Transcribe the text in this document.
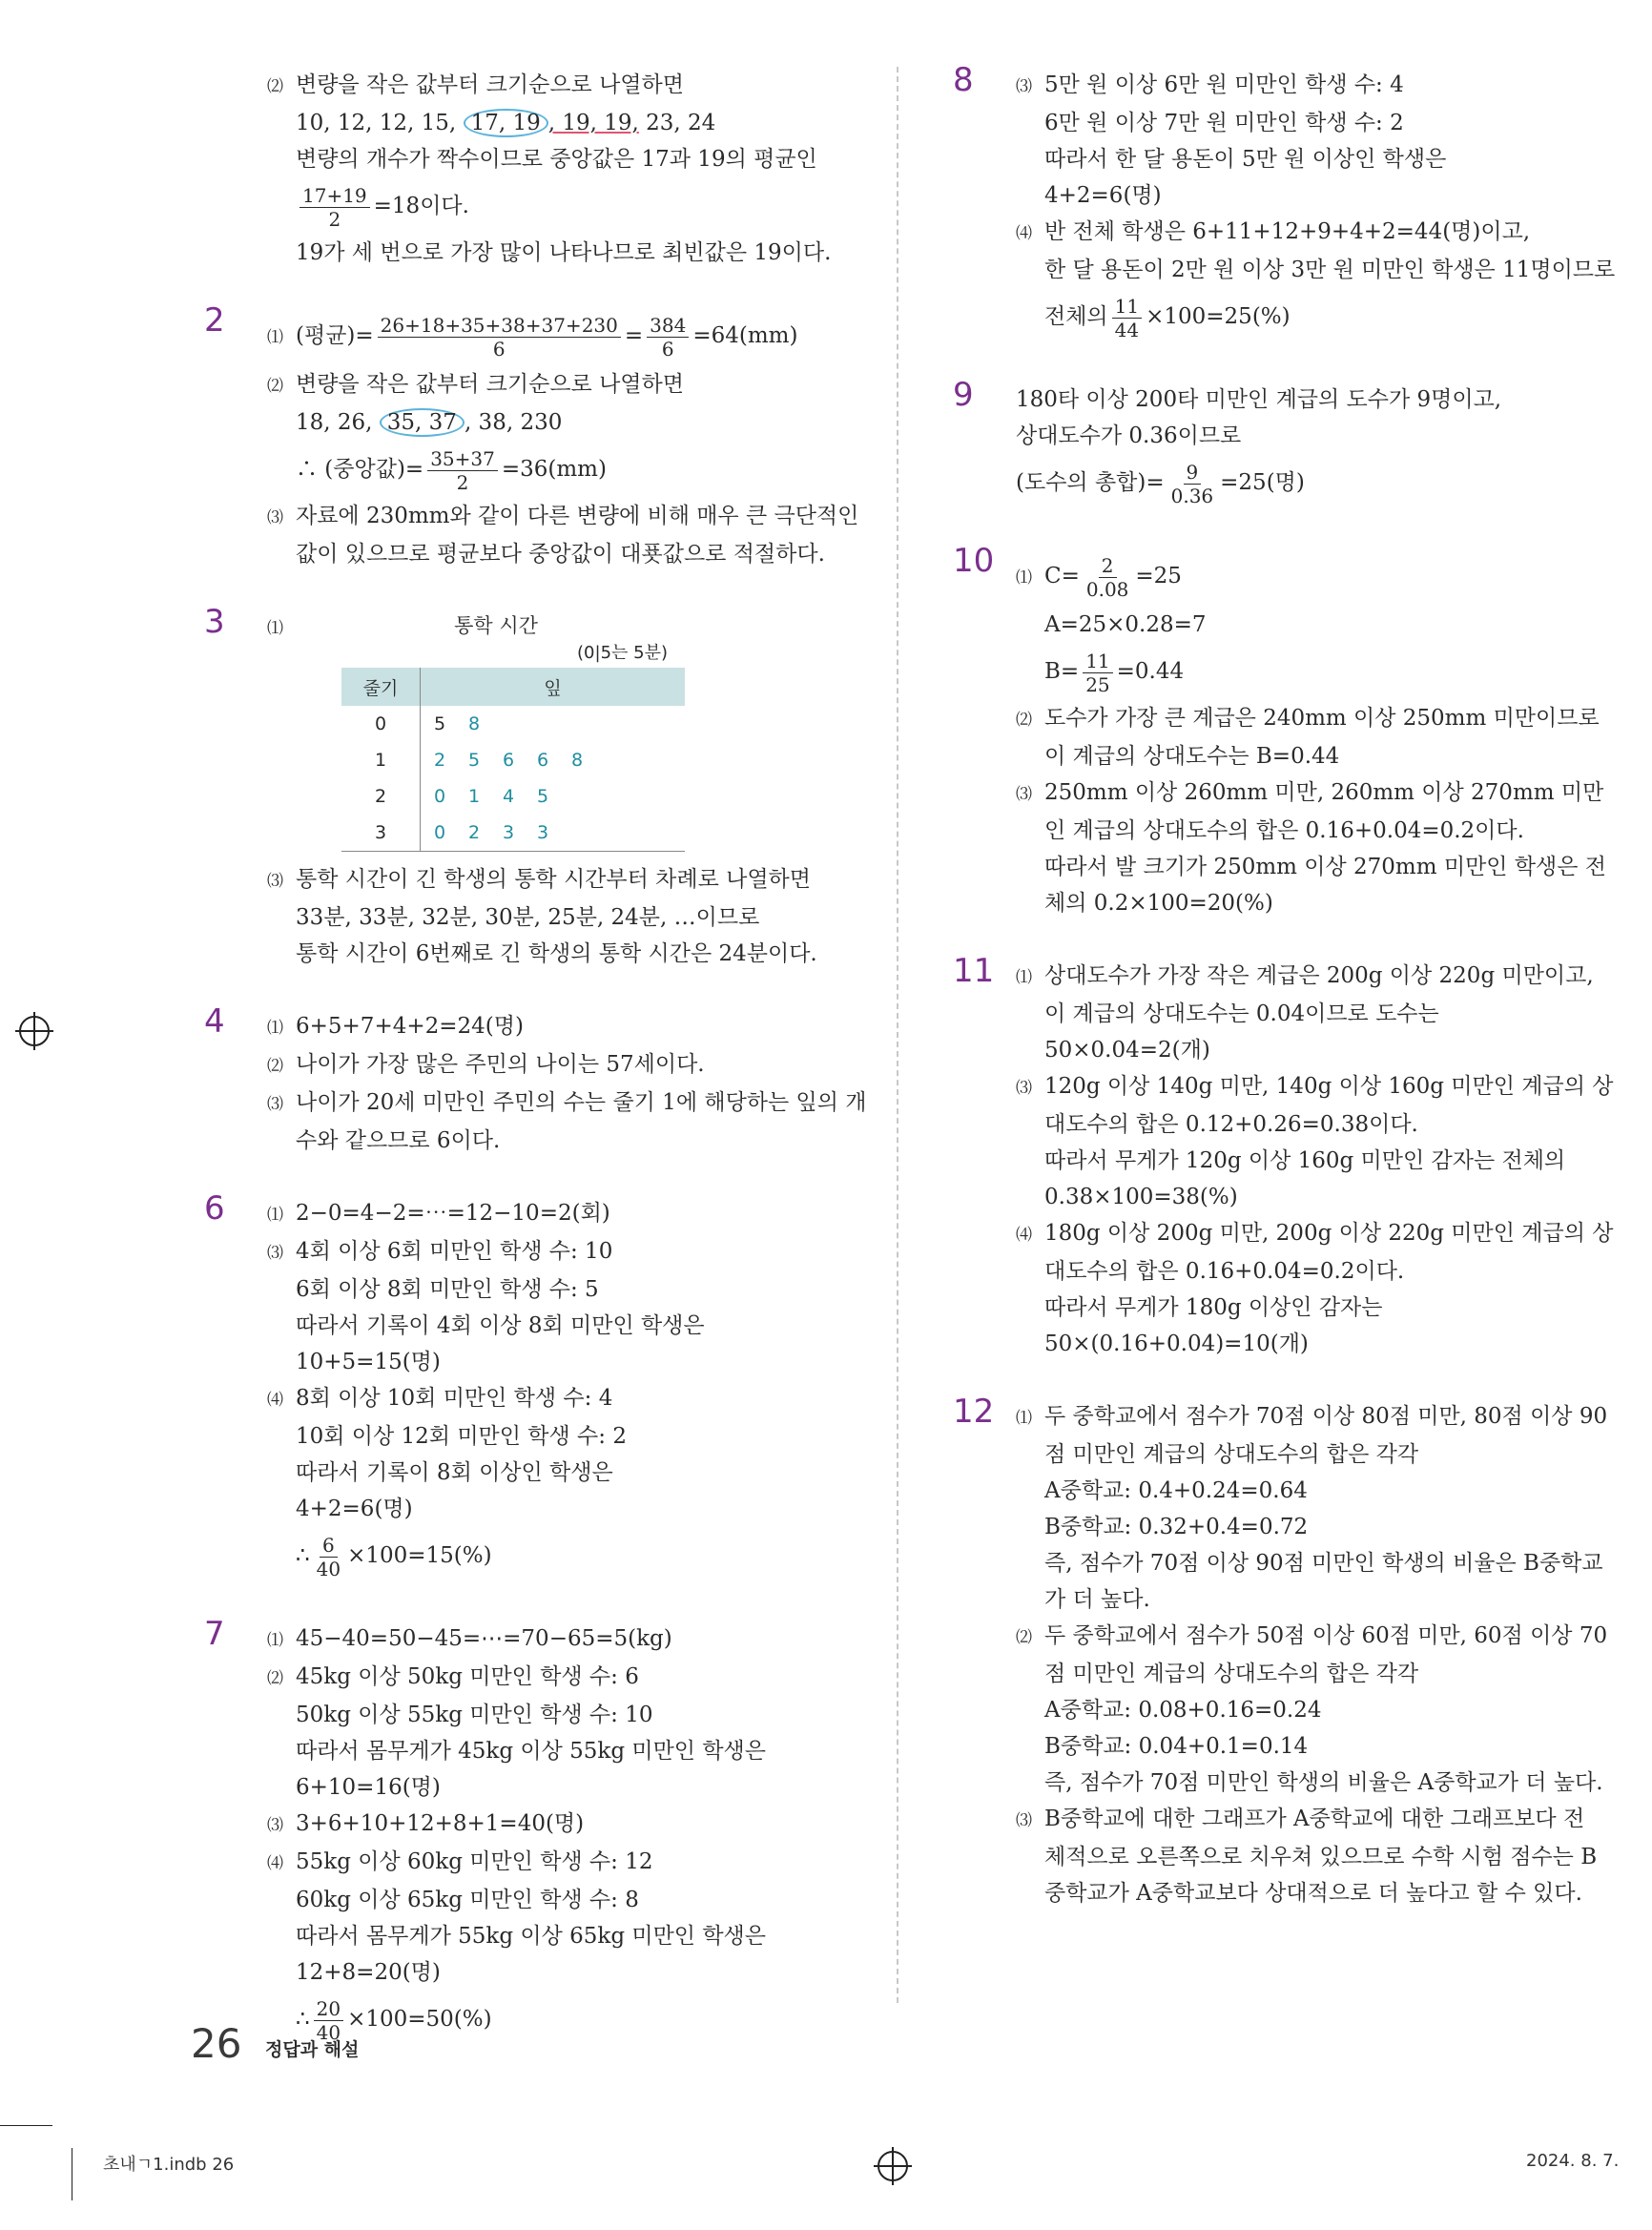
⑵ 변량을 작은 값부터 크기순으로 나열하면
10, 12, 12, 15, 17, 19 , 19, 19, 23, 24
변량의 개수가 짝수이므로 중앙값은 17과 19의 평균인
$\frac{17+19}{2} =18$이다.
19가 세 번으로 가장 많이 나타나므로 최빈값은 19이다.
2	⑴ (평균)= $\frac{26+18+35+38+37+230}{6} = \frac{384}{6} =64(mm)$
⑵ 변량을 작은 값부터 크기순으로 나열하면
18, 26, 35, 37 , 38, 230
∴ (중앙값)= $\frac{35+37}{2} =36(mm)$
⑶ 자료에 230mm와 같이 다른 변량에 비해 매우 큰 극단적인
값이 있으므로 평균보다 중앙값이 대푯값으로 적절하다.
3	⑴	통학 시간
(0|5는 5분)
줄기	잎
0	5 8
1	2 5 6 6 8
2	0 1 4 5
3	0 2 3 3
⑶ 통학 시간이 긴 학생의 통학 시간부터 차례로 나열하면
33분, 33분, 32분, 30분, 25분, 24분, …이므로
통학 시간이 6번째로 긴 학생의 통학 시간은 24분이다.
4	⑴ 6+5+7+4+2=24(명)
⑵ 나이가 가장 많은 주민의 나이는 57세이다.
⑶ 나이가 20세 미만인 주민의 수는 줄기 1에 해당하는 잎의 개
수와 같으므로 6이다.
6	⑴ 2−0=4−2=⋯=12−10=2(회)
⑶ 4회 이상 6회 미만인 학생 수: 10
6회 이상 8회 미만인 학생 수: 5
따라서 기록이 4회 이상 8회 미만인 학생은
10+5=15(명)
⑷ 8회 이상 10회 미만인 학생 수: 4
10회 이상 12회 미만인 학생 수: 2
따라서 기록이 8회 이상인 학생은
4+2=6(명)
∴ $\frac{6}{40} \times 100=15(\%)$
7	⑴ 45−40=50−45=⋯=70−65=5(kg)
⑵ 45kg 이상 50kg 미만인 학생 수: 6
50kg 이상 55kg 미만인 학생 수: 10
따라서 몸무게가 45kg 이상 55kg 미만인 학생은
6+10=16(명)
⑶ 3+6+10+12+8+1=40(명)
⑷ 55kg 이상 60kg 미만인 학생 수: 12
60kg 이상 65kg 미만인 학생 수: 8
따라서 몸무게가 55kg 이상 65kg 미만인 학생은
12+8=20(명)
∴ $\frac{20}{40} \times 100=50(\%)$
8	⑶ 5만 원 이상 6만 원 미만인 학생 수: 4
6만 원 이상 7만 원 미만인 학생 수: 2
따라서 한 달 용돈이 5만 원 이상인 학생은
4+2=6(명)
⑷ 반 전체 학생은 6+11+12+9+4+2=44(명)이고,
한 달 용돈이 2만 원 이상 3만 원 미만인 학생은 11명이므로
전체의 $\frac{11}{44} \times 100=25(\%)$
9 180타 이상 200타 미만인 계급의 도수가 9명이고,
상대도수가 0.36이므로
(도수의 총합)= $\frac{9}{0.36} =25$(명)
10 ⑴ $C= \frac{2}{0.08} =25$
A=25×0.28=7
$B= \frac{11}{25} =0.44$
⑵ 도수가 가장 큰 계급은 240mm 이상 250mm 미만이므로
이 계급의 상대도수는 B=0.44
⑶ 250mm 이상 260mm 미만, 260mm 이상 270mm 미만
인 계급의 상대도수의 합은 0.16+0.04=0.2이다.
따라서 발 크기가 250mm 이상 270mm 미만인 학생은 전
체의 0.2×100=20(%)
11 ⑴ 상대도수가 가장 작은 계급은 200g 이상 220g 미만이고,
이 계급의 상대도수는 0.04이므로 도수는
50×0.04=2(개)
⑶ 120g 이상 140g 미만, 140g 이상 160g 미만인 계급의 상
대도수의 합은 0.12+0.26=0.38이다.
따라서 무게가 120g 이상 160g 미만인 감자는 전체의
0.38×100=38(%)
⑷ 180g 이상 200g 미만, 200g 이상 220g 미만인 계급의 상
대도수의 합은 0.16+0.04=0.2이다.
따라서 무게가 180g 이상인 감자는
50×(0.16+0.04)=10(개)
12 ⑴ 두 중학교에서 점수가 70점 이상 80점 미만, 80점 이상 90
점 미만인 계급의 상대도수의 합은 각각
A중학교: 0.4+0.24=0.64
B중학교: 0.32+0.4=0.72
즉, 점수가 70점 이상 90점 미만인 학생의 비율은 B중학교
가 더 높다.
⑵ 두 중학교에서 점수가 50점 이상 60점 미만, 60점 이상 70
점 미만인 계급의 상대도수의 합은 각각
A중학교: 0.08+0.16=0.24
B중학교: 0.04+0.1=0.14
즉, 점수가 70점 미만인 학생의 비율은 A중학교가 더 높다.
⑶ B중학교에 대한 그래프가 A중학교에 대한 그래프보다 전
체적으로 오른쪽으로 치우쳐 있으므로 수학 시험 점수는 B
중학교가 A중학교보다 상대적으로 더 높다고 할 수 있다.
26 정답과 해설
초내ㄱ1.indb 26	2024. 8. 7.
